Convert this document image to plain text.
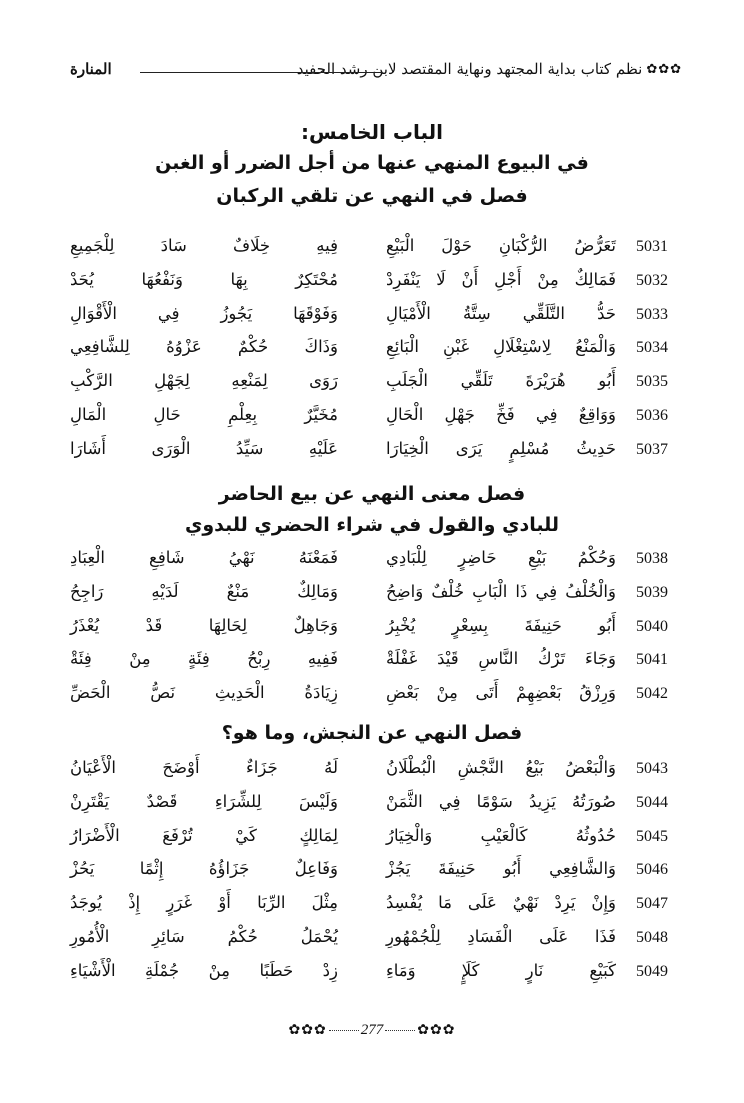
✿✿✿
نظم كتاب بداية المجتهد ونهاية المقتصد لابن رشد الحفيد
المنارة
الباب الخامس:
في البيوع المنهي عنها من أجل الضرر أو الغبن
فصل في النهي عن تلقي الركبان
5031
تَعَرُّضُ الرُّكْبَانِ حَوْلَ الْبَيْعِ
فِيهِ خِلَافٌ سَادَ لِلْجَمِيعِ
5032
فَمَالِكٌ مِنْ أَجْلِ أَنْ لَا يَنْفَرِدْ
مُحْتَكِرٌ بِهَا وَنَفْعُهَا يُحَدْ
5033
حَدُّ التَّلَقِّي سِتَّةُ الْأَمْيَالِ
وَفَوْقَهَا يَجُوزُ فِي الْأَقْوَالِ
5034
وَالْمَنْعُ لِاسْتِغْلَالِ غَبْنِ الْبَائِعِ
وَذَاكَ حُكْمٌ عَزْوُهُ لِلشَّافِعِي
5035
أَبُو هُرَيْرَةَ تَلَقِّي الْجَلَبِ
رَوَى لِمَنْعِهِ لِجَهْلِ الرَّكْبِ
5036
وَوَاقِعٌ فِي فَخِّ جَهْلِ الْحَالِ
مُخَيَّرٌ بِعِلْمِ حَالِ الْمَالِ
5037
حَدِيثُ مُسْلِمٍ يَرَى الْخِيَارَا
عَلَيْهِ سَيِّدُ الْوَرَى أَشَارَا
فصل معنى النهي عن بيع الحاضر
للبادي والقول في شراء الحضري للبدوي
5038
وَحُكْمُ بَيْعِ حَاضِرٍ لِلْبَادِي
فَمَعْنَهُ نَهْيُ شَافِعِ الْعِبَادِ
5039
وَالْخُلْفُ فِي ذَا الْبَابِ خُلْفٌ وَاضِحُ
وَمَالِكٌ مَنْعٌ لَدَيْهِ رَاجِحُ
5040
أَبُو حَنِيفَةَ بِسِعْرٍ يُخْبِرُ
وَجَاهِلٌ لِحَالِهَا قَدْ يُعْذَرُ
5041
وَجَاءَ تَرْكُ النَّاسِ قَيْدَ غَفْلَةْ
فَفِيهِ رِبْحُ فِئَةٍ مِنْ فِئَةْ
5042
وَرِزْقُ بَعْضِهِمْ أَتَى مِنْ بَعْضِ
زِيَادَةُ الْحَدِيثِ نَصُّ الْحَضِّ
فصل النهي عن النجش، وما هو؟
5043
وَالْبَعْضُ بَيْعُ النَّجْشِ الْبُطْلَانُ
لَهُ جَزَاءٌ أَوْضَحَ الْأَعْيَانُ
5044
صُورَتُهُ يَزِيدُ سَوْمًا فِي الثَّمَنْ
وَلَيْسَ لِلشِّرَاءِ قَصْدٌ يَقْتَرِنْ
5045
حُدُوثُهُ كَالْعَيْبِ وَالْخِيَارُ
لِمَالِكٍ كَيْ تُرْفَعَ الْأَضْرَارُ
5046
وَالشَّافِعِي أَبُو حَنِيفَةَ يَجُزْ
وَفَاعِلٌ جَزَاؤُهُ إِثْمًا يَحُزْ
5047
وَإِنْ يَرِدْ نَهْيٌ عَلَى مَا يُفْسِدُ
مِثْلَ الرِّبَا أَوْ غَرَرٍ إِذْ يُوجَدُ
5048
فَذَا عَلَى الْفَسَادِ لِلْجُمْهُورِ
يُحْمَلُ حُكْمُ سَائِرِ الْأُمُورِ
5049
كَبَيْعِ نَارٍ كَلَإٍ وَمَاءِ
زِدْ حَطَبًا مِنْ جُمْلَةِ الْأَشْيَاءِ
✿✿✿ 277 ✿✿✿
